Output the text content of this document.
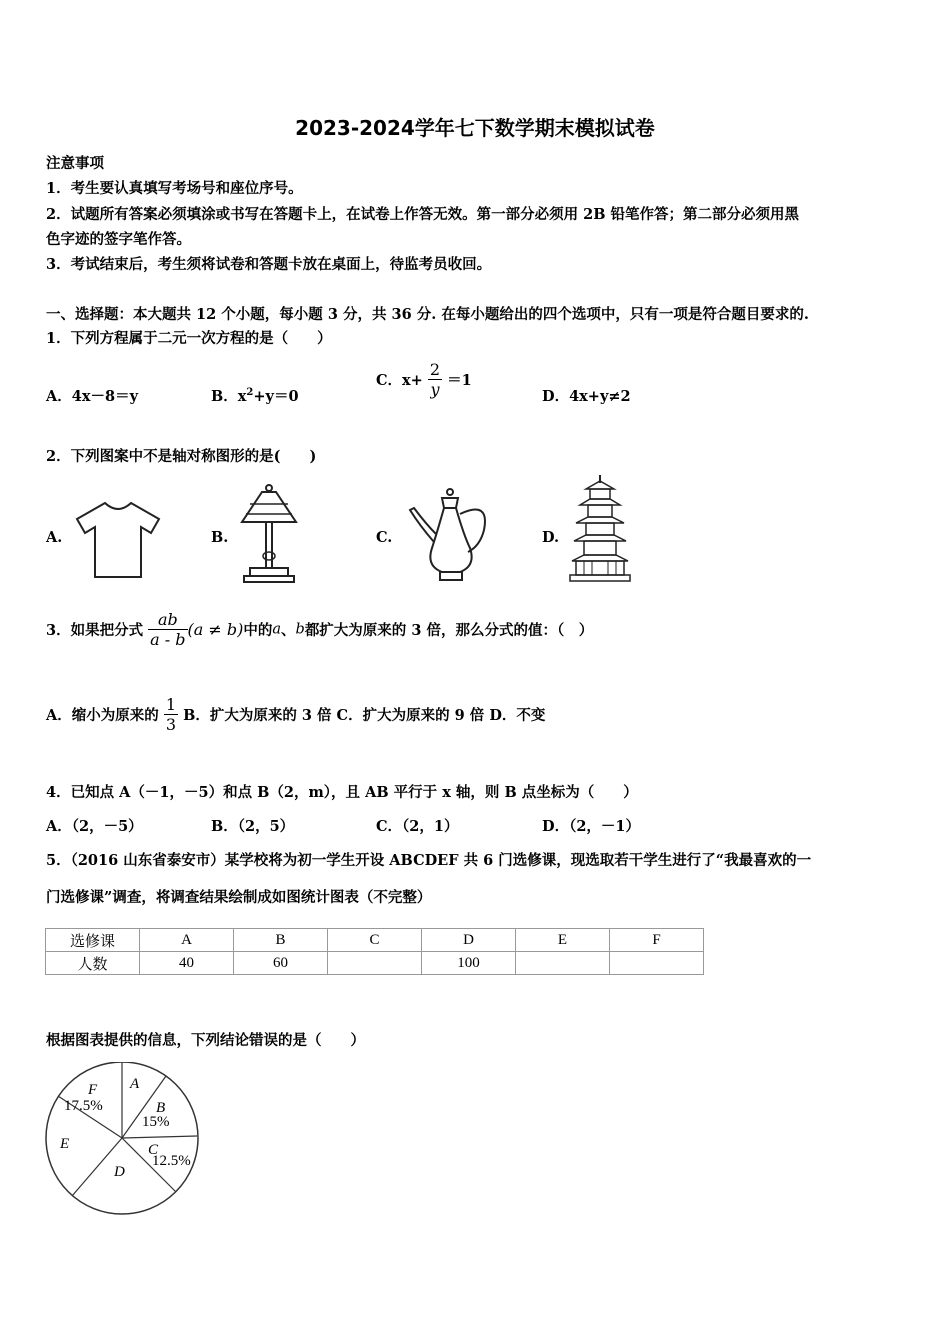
2023-2024学年七下数学期末模拟试卷
注意事项
1．考生要认真填写考场号和座位序号。
2．试题所有答案必须填涂或书写在答题卡上，在试卷上作答无效。第一部分必须用 2B 铅笔作答；第二部分必须用黑
色字迹的签字笔作答。
3．考试结束后，考生须将试卷和答题卡放在桌面上，待监考员收回。
一、选择题：本大题共 12 个小题，每小题 3 分，共 36 分. 在每小题给出的四个选项中，只有一项是符合题目要求的.
1．下列方程属于二元一次方程的是（　　）
A．4x－8＝y	B．$x^2+y=0$
C．$x+ \frac{2}{y} =1$
D．4x+y≠2
2．下列图案中不是轴对称图形的是(　　)
A.	B.	C.	D.
3．如果把分式 $\frac{ab}{a - b} (a \ne b)$中的a、b都扩大为原来的 3 倍，那么分式的值：（　）
A．缩小为原来的 $\frac{1}{3}$ B．扩大为原来的 3 倍 C．扩大为原来的 9 倍 D．不变
4．已知点 A（－1，－5）和点 B（2，m），且 AB 平行于 x 轴，则 B 点坐标为（　　）
A．（2，－5）	B．（2，5）	C．（2，1）	D．（2，－1）
5．（2016 山东省泰安市）某学校将为初一学生开设 ABCDEF 共 6 门选修课，现选取若干学生进行了“我最喜欢的一
门选修课”调查，将调查结果绘制成如图统计图表（不完整）
选修课	A	B	C	D	E	F
人数	40	60		100		
根据图表提供的信息，下列结论错误的是（　　）
A
B
15%
C
12.5%
D
E
F
17.5%
